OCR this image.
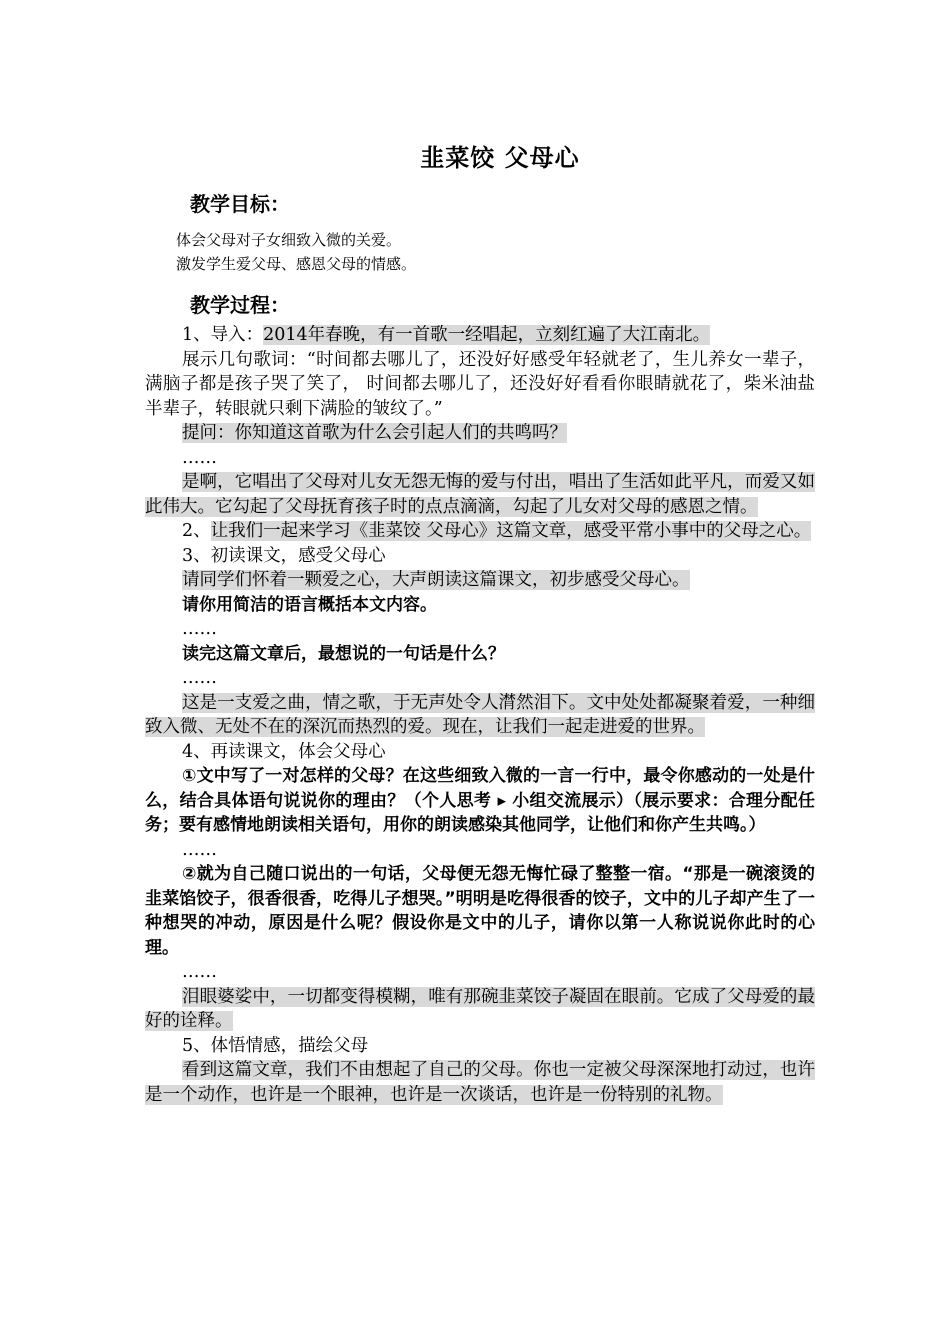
韭菜饺 父母心
教学目标：
体会父母对子女细致入微的关爱。
激发学生爱父母、感恩父母的情感。
教学过程：

1、导入：2014年春晚，有一首歌一经唱起，立刻红遍了大江南北。

展示几句歌词：“时间都去哪儿了，还没好好感受年轻就老了，生儿养女一辈子，满脑子都是孩子哭了笑了， 时间都去哪儿了，还没好好看看你眼睛就花了，柴米油盐半辈子，转眼就只剩下满脸的皱纹了。”

提问：你知道这首歌为什么会引起人们的共鸣吗？

……

是啊，它唱出了父母对儿女无怨无悔的爱与付出，唱出了生活如此平凡，而爱又如此伟大。它勾起了父母抚育孩子时的点点滴滴，勾起了儿女对父母的感恩之情。

2、让我们一起来学习《韭菜饺 父母心》这篇文章，感受平常小事中的父母之心。

3、初读课文，感受父母心

请同学们怀着一颗爱之心，大声朗读这篇课文，初步感受父母心。

请你用简洁的语言概括本文内容。

……

读完这篇文章后，最想说的一句话是什么？

……

这是一支爱之曲，情之歌，于无声处令人潸然泪下。文中处处都凝聚着爱，一种细致入微、无处不在的深沉而热烈的爱。现在，让我们一起走进爱的世界。

4、再读课文，体会父母心

①文中写了一对怎样的父母？在这些细致入微的一言一行中，最令你感动的一处是什么，结合具体语句说说你的理由？（个人思考 ▸ 小组交流展示）（展示要求：合理分配任务；要有感情地朗读相关语句，用你的朗读感染其他同学，让他们和你产生共鸣。）

……

②就为自己随口说出的一句话，父母便无怨无悔忙碌了整整一宿。“那是一碗滚烫的韭菜馅饺子，很香很香，吃得儿子想哭。”明明是吃得很香的饺子，文中的儿子却产生了一种想哭的冲动，原因是什么呢？假设你是文中的儿子，请你以第一人称说说你此时的心理。

……

泪眼婆娑中，一切都变得模糊，唯有那碗韭菜饺子凝固在眼前。它成了父母爱的最好的诠释。

5、体悟情感，描绘父母

看到这篇文章，我们不由想起了自己的父母。你也一定被父母深深地打动过，也许是一个动作，也许是一个眼神，也许是一次谈话，也许是一份特别的礼物。
